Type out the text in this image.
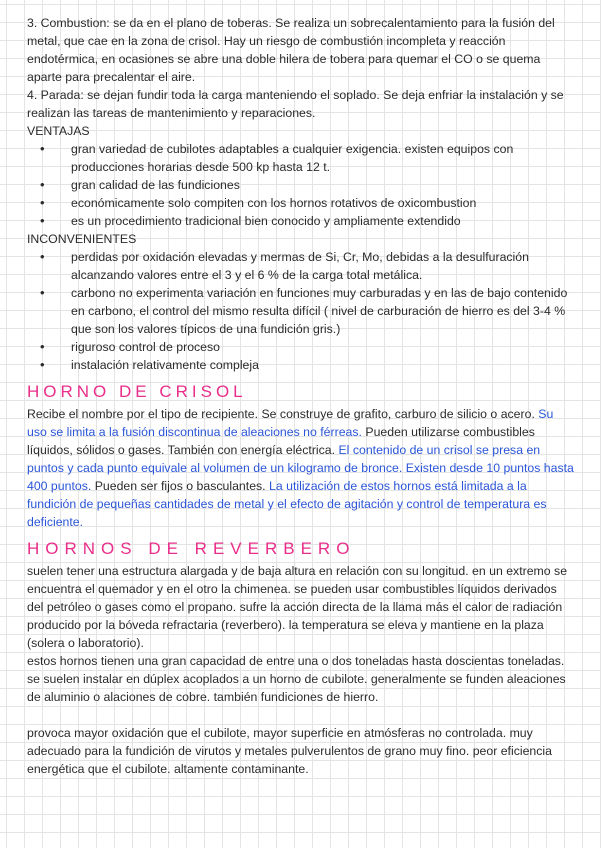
3. Combustion: se da en el plano de toberas. Se realiza un sobrecalentamiento para la fusión del metal, que cae en la zona de crisol. Hay un riesgo de combustión incompleta y reacción endotérmica, en ocasiones se abre una doble hilera de tobera para quemar el CO o se quema aparte para precalentar el aire.

4. Parada: se dejan fundir toda la carga manteniendo el soplado. Se deja enfriar la instalación y se realizan las tareas de mantenimiento y reparaciones.

VENTAJAS

• gran variedad de cubilotes adaptables a cualquier exigencia. existen equipos con producciones horarias desde 500 kp hasta 12 t.
• gran calidad de las fundiciones
• económicamente solo compiten con los hornos rotativos de oxicombustion
• es un procedimiento tradicional bien conocido y ampliamente extendido

INCONVENIENTES

• perdidas por oxidación elevadas y mermas de Si, Cr, Mo, debidas a la desulfuración alcanzando valores entre el 3 y el 6 % de la carga total metálica.
• carbono no experimenta variación en funciones muy carburadas y en las de bajo contenido en carbono, el control del mismo resulta difícil ( nivel de carburación de hierro es del 3-4 % que son los valores típicos de una fundición gris.)
• riguroso control de proceso
• instalación relativamente compleja
HORNO DE CRISOL

Recibe el nombre por el tipo de recipiente. Se construye de grafito, carburo de silicio o acero. Su uso se limita a la fusión discontinua de aleaciones no férreas. Pueden utilizarse combustibles líquidos, sólidos o gases. También con energía eléctrica. El contenido de un crisol se presa en puntos y cada punto equivale al volumen de un kilogramo de bronce. Existen desde 10 puntos hasta 400 puntos. Pueden ser fijos o basculantes. La utilización de estos hornos está limitada a la fundición de pequeñas cantidades de metal y el efecto de agitación y control de temperatura es deficiente.

HORNOS DE REVERBERO

suelen tener una estructura alargada y de baja altura en relación con su longitud. en un extremo se encuentra el quemador y en el otro la chimenea. se pueden usar combustibles líquidos derivados del petróleo o gases como el propano. sufre la acción directa de la llama más el calor de radiación producido por la bóveda refractaria (reverbero). la temperatura se eleva y mantiene en la plaza (solera o laboratorio).

estos hornos tienen una gran capacidad de entre una o dos toneladas hasta doscientas toneladas. se suelen instalar en dúplex acoplados a un horno de cubilote. generalmente se funden aleaciones de aluminio o alaciones de cobre. también fundiciones de hierro.

provoca mayor oxidación que el cubilote, mayor superficie en atmósferas no controlada. muy adecuado para la fundición de virutos y metales pulverulentos de grano muy fino. peor eficiencia energética que el cubilote. altamente contaminante.
